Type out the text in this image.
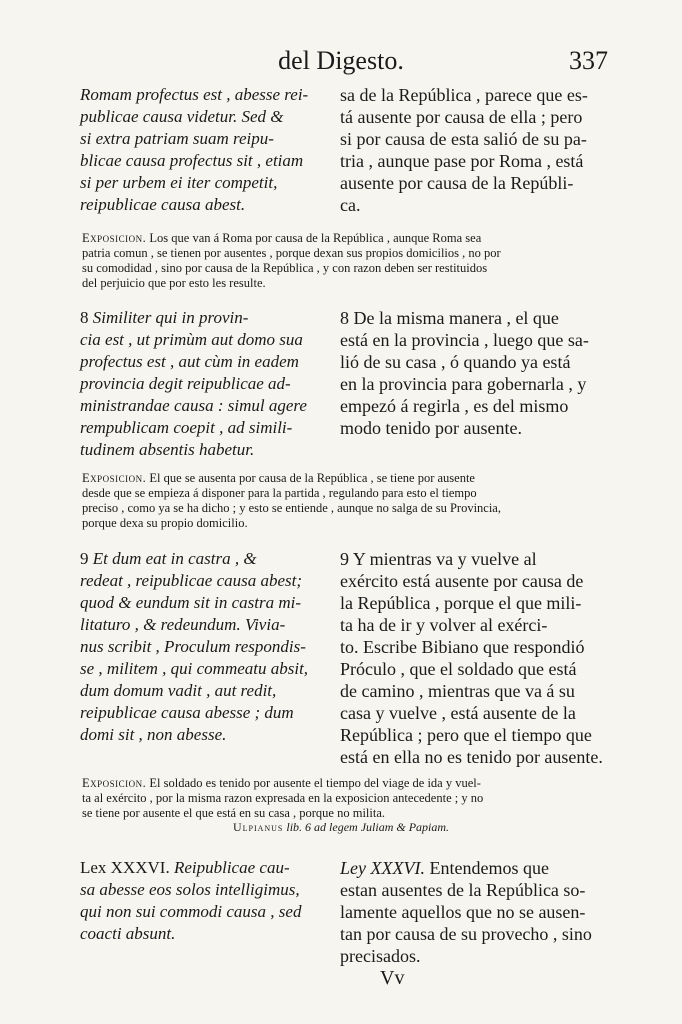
del Digesto.	337
Romam profectus est , abesse rei-
publicae causa videtur. Sed &
si extra patriam suam reipu-
blicae causa profectus sit , etiam
si per urbem ei iter competit,
reipublicae causa abest.
sa de la República , parece que es-
tá ausente por causa de ella ; pero
si por causa de esta salió de su pa-
tria , aunque pase por Roma , está
ausente por causa de la Repúbli-
ca.
Exposicion. Los que van á Roma por causa de la República , aunque Roma sea
patria comun , se tienen por ausentes , porque dexan sus propios domicilios , no por
su comodidad , sino por causa de la República , y con razon deben ser restituidos
del perjuicio que por esto les resulte.
8 Similiter qui in provin-
cia est , ut primùm aut domo sua
profectus est , aut cùm in eadem
provincia degit reipublicae ad-
ministrandae causa : simul agere
rempublicam coepit , ad simili-
tudinem absentis habetur.
8 De la misma manera , el que
está en la provincia , luego que sa-
lió de su casa , ó quando ya está
en la provincia para gobernarla , y
empezó á regirla , es del mismo
modo tenido por ausente.
Exposicion. El que se ausenta por causa de la República , se tiene por ausente
desde que se empieza á disponer para la partida , regulando para esto el tiempo
preciso , como ya se ha dicho ; y esto se entiende , aunque no salga de su Provincia,
porque dexa su propio domicilio.
9 Et dum eat in castra , &
redeat , reipublicae causa abest;
quod & eundum sit in castra mi-
litaturo , & redeundum. Vivia-
nus scribit , Proculum respondis-
se , militem , qui commeatu absit,
dum domum vadit , aut redit,
reipublicae causa abesse ; dum
domi sit , non abesse.
9 Y mientras va y vuelve al
exército está ausente por causa de
la República , porque el que mili-
ta ha de ir y volver al exérci-
to. Escribe Bibiano que respondió
Próculo , que el soldado que está
de camino , mientras que va á su
casa y vuelve , está ausente de la
República ; pero que el tiempo que
está en ella no es tenido por ausente.
Exposicion. El soldado es tenido por ausente el tiempo del viage de ida y vuel-
ta al exército , por la misma razon expresada en la exposicion antecedente ; y no
se tiene por ausente el que está en su casa , porque no milita.
Ulpianus lib. 6 ad legem Juliam & Papiam.
Lex XXXVI. Reipublicae cau-
sa abesse eos solos intelligimus,
qui non sui commodi causa , sed
coacti absunt.
Ley XXXVI. Entendemos que
estan ausentes de la República so-
lamente aquellos que no se ausen-
tan por causa de su provecho , sino
precisados.
Vv
